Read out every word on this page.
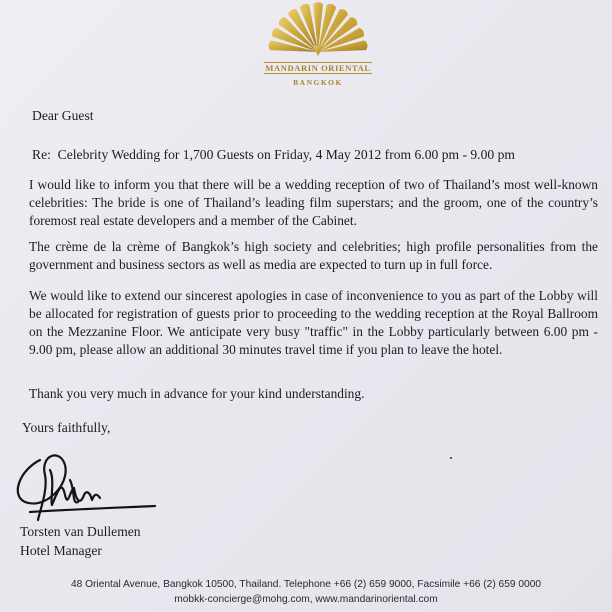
MANDARIN ORIENTAL
BANGKOK
Dear Guest
Re:  Celebrity Wedding for 1,700 Guests on Friday, 4 May 2012 from 6.00 pm - 9.00 pm
I would like to inform you that there will be a wedding reception of two of Thailand’s most well-known celebrities: The bride is one of Thailand’s leading film superstars; and the groom, one of the country’s foremost real estate developers and a member of the Cabinet.
The crème de la crème of Bangkok’s high society and celebrities; high profile personalities from the government and business sectors as well as media are expected to turn up in full force.
We would like to extend our sincerest apologies in case of inconvenience to you as part of the Lobby will be allocated for registration of guests prior to proceeding to the wedding reception at the Royal Ballroom on the Mezzanine Floor. We anticipate very busy "traffic" in the Lobby particularly between 6.00 pm - 9.00 pm, please allow an additional 30 minutes travel time if you plan to leave the hotel.
Thank you very much in advance for your kind understanding.
Yours faithfully,
Torsten van Dullemen
Hotel Manager
48 Oriental Avenue, Bangkok 10500, Thailand. Telephone +66 (2) 659 9000, Facsimile +66 (2) 659 0000
mobkk-concierge@mohg.com, www.mandarinoriental.com
